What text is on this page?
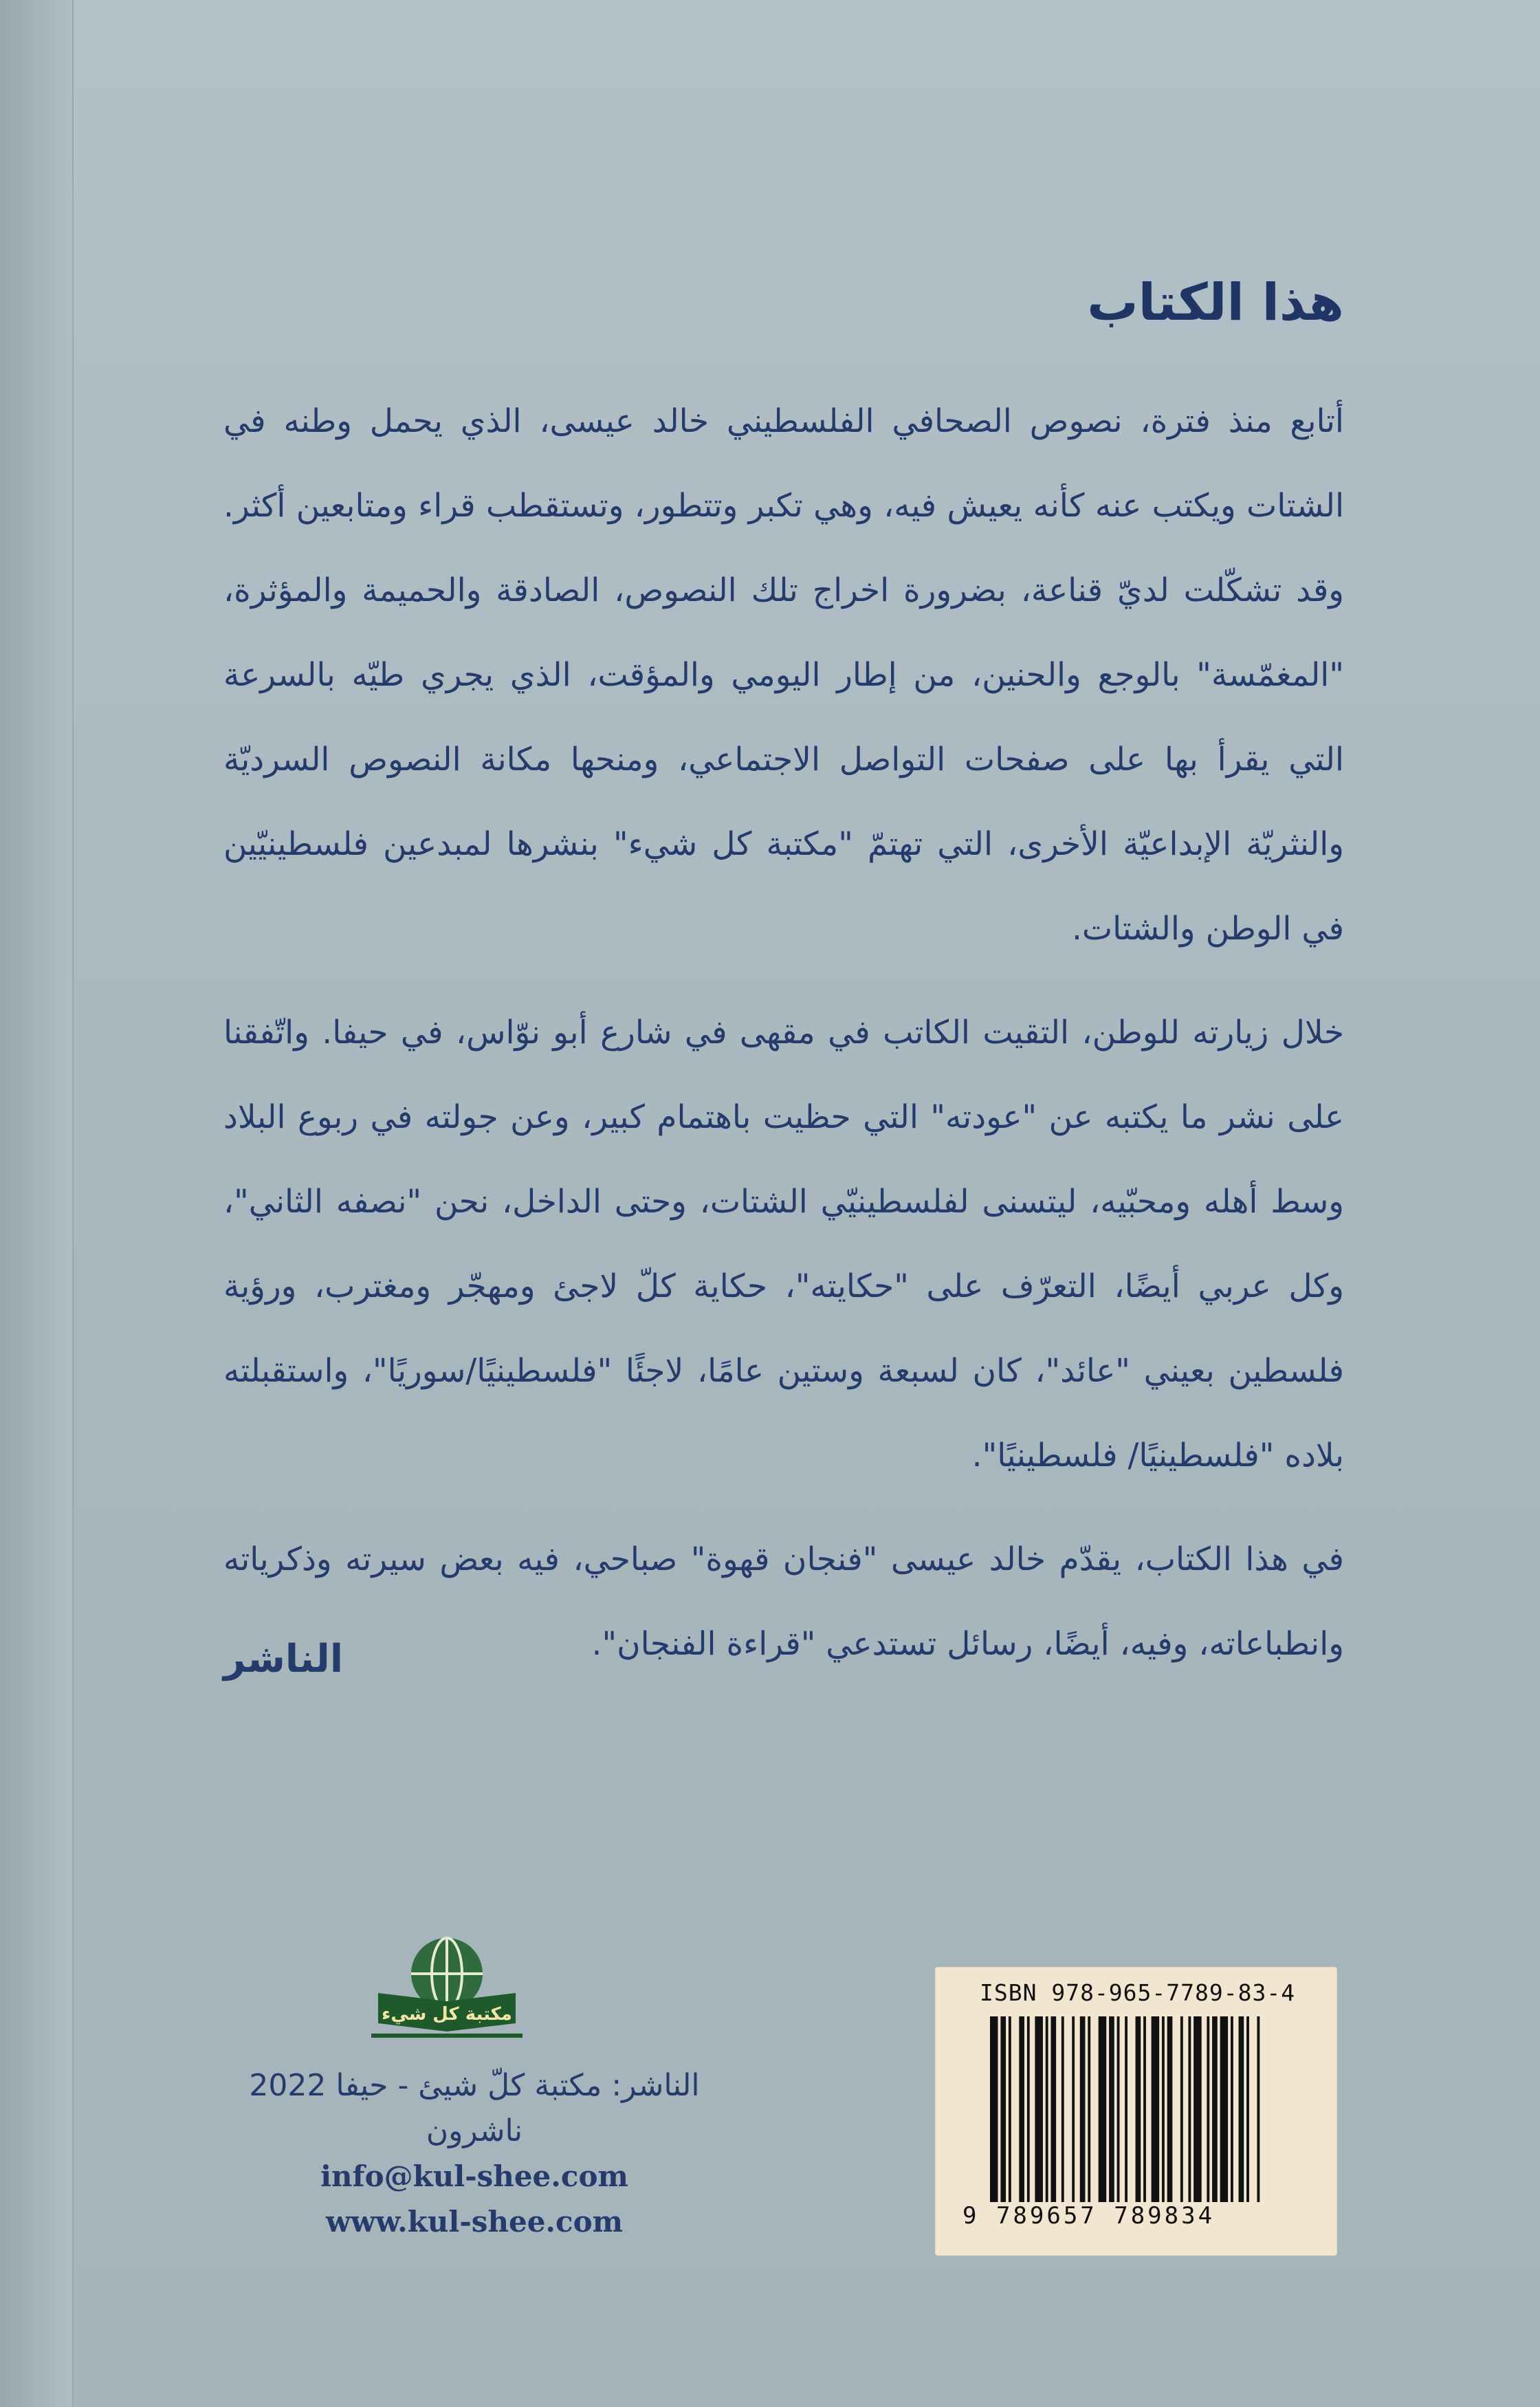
هذا الكتاب

أتابع منذ فترة، نصوص الصحافي الفلسطيني خالد عيسى، الذي يحمل وطنه في الشتات ويكتب عنه كأنه يعيش فيه، وهي تكبر وتتطور، وتستقطب قراء ومتابعين أكثر. وقد تشكّلت لديّ قناعة، بضرورة اخراج تلك النصوص، الصادقة والحميمة والمؤثرة، "المغمّسة" بالوجع والحنين، من إطار اليومي والمؤقت، الذي يجري طيّه بالسرعة التي يقرأ بها على صفحات التواصل الاجتماعي، ومنحها مكانة النصوص السرديّة والنثريّة الإبداعيّة الأخرى، التي تهتمّ "مكتبة كل شيء" بنشرها لمبدعين فلسطينيّين في الوطن والشتات.

خلال زيارته للوطن، التقيت الكاتب في مقهى في شارع أبو نوّاس، في حيفا. واتّفقنا على نشر ما يكتبه عن "عودته" التي حظيت باهتمام كبير، وعن جولته في ربوع البلاد وسط أهله ومحبّيه، ليتسنى لفلسطينيّي الشتات، وحتى الداخل، نحن "نصفه الثاني"، وكل عربي أيضًا، التعرّف على "حكايته"، حكاية كلّ لاجئ ومهجّر ومغترب، ورؤية فلسطين بعيني "عائد"، كان لسبعة وستين عامًا، لاجئًا "فلسطينيًا/سوريًا"، واستقبلته بلاده "فلسطينيًا/ فلسطينيًا".

في هذا الكتاب، يقدّم خالد عيسى "فنجان قهوة" صباحي، فيه بعض سيرته وذكرياته وانطباعاته، وفيه، أيضًا، رسائل تستدعي "قراءة الفنجان".

الناشر
مكتبة كل شيء
الناشر: مكتبة كلّ شيئ - حيفا 2022
ناشرون
info@kul-shee.com
www.kul-shee.com
ISBN 978-965-7789-83-4
9 789657 789834
